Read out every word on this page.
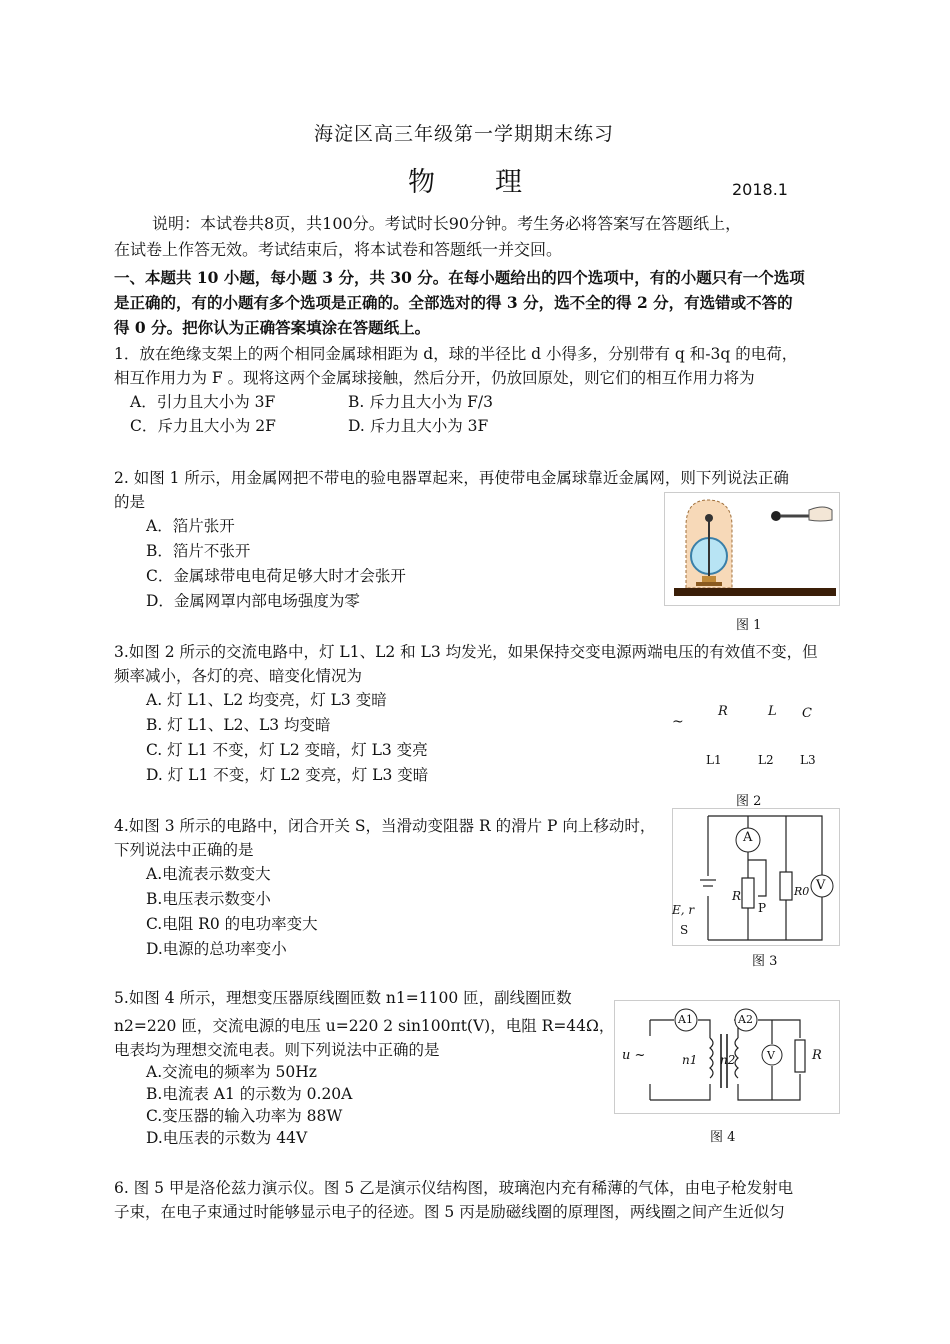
海淀区高三年级第一学期期末练习
物　　理	2018.1
说明：本试卷共8页，共100分。考试时长90分钟。考生务必将答案写在答题纸上，
在试卷上作答无效。考试结束后，将本试卷和答题纸一并交回。
一、本题共 10 小题，每小题 3 分，共 30 分。在每小题给出的四个选项中，有的小题只有一个选项
是正确的，有的小题有多个选项是正确的。全部选对的得 3 分，选不全的得 2 分，有选错或不答的
得 0 分。把你认为正确答案填涂在答题纸上。
1．放在绝缘支架上的两个相同金属球相距为 d，球的半径比 d 小得多，分别带有 q 和-3q 的电荷，
相互作用力为 F 。现将这两个金属球接触，然后分开，仍放回原处，则它们的相互作用力将为
A．引力且大小为 3F	B. 斥力且大小为 F/3
C．斥力且大小为 2F	D. 斥力且大小为 3F
2. 如图 1 所示，用金属网把不带电的验电器罩起来，再使带电金属球靠近金属网，则下列说法正确
的是
A．箔片张开
B．箔片不张开
C．金属球带电电荷足够大时才会张开
D．金属网罩内部电场强度为零
图 1
3.如图 2 所示的交流电路中，灯 L1、L2 和 L3 均发光，如果保持交变电源两端电压的有效值不变，但
频率减小，各灯的亮、暗变化情况为
A. 灯 L1、L2 均变亮，灯 L3 变暗
B. 灯 L1、L2、L3 均变暗
C. 灯 L1 不变，灯 L2 变暗，灯 L3 变亮
D. 灯 L1 不变，灯 L2 变亮，灯 L3 变暗
~
R	L C
L1	L2 L3
图 2
4.如图 3 所示的电路中，闭合开关 S，当滑动变阻器 R 的滑片 P 向上移动时，
下列说法中正确的是
A.电流表示数变大
B.电压表示数变小
C.电阻 R0 的电功率变大
D.电源的总功率变小
A
V
R	R0
P
E, r
S
图 3
5.如图 4 所示，理想变压器原线圈匝数 n1=1100 匝，副线圈匝数
n2=220 匝，交流电源的电压 u=220 2 sin100πt(V)，电阻 R=44Ω，
电表均为理想交流电表。则下列说法中正确的是
A.交流电的频率为 50Hz
B.电流表 A1 的示数为 0.20A
C.变压器的输入功率为 88W
D.电压表的示数为 44V
A1	A2
u ~	n1 n2	V	R
图 4
6. 图 5 甲是洛伦兹力演示仪。图 5 乙是演示仪结构图，玻璃泡内充有稀薄的气体，由电子枪发射电
子束，在电子束通过时能够显示电子的径迹。图 5 丙是励磁线圈的原理图，两线圈之间产生近似匀
